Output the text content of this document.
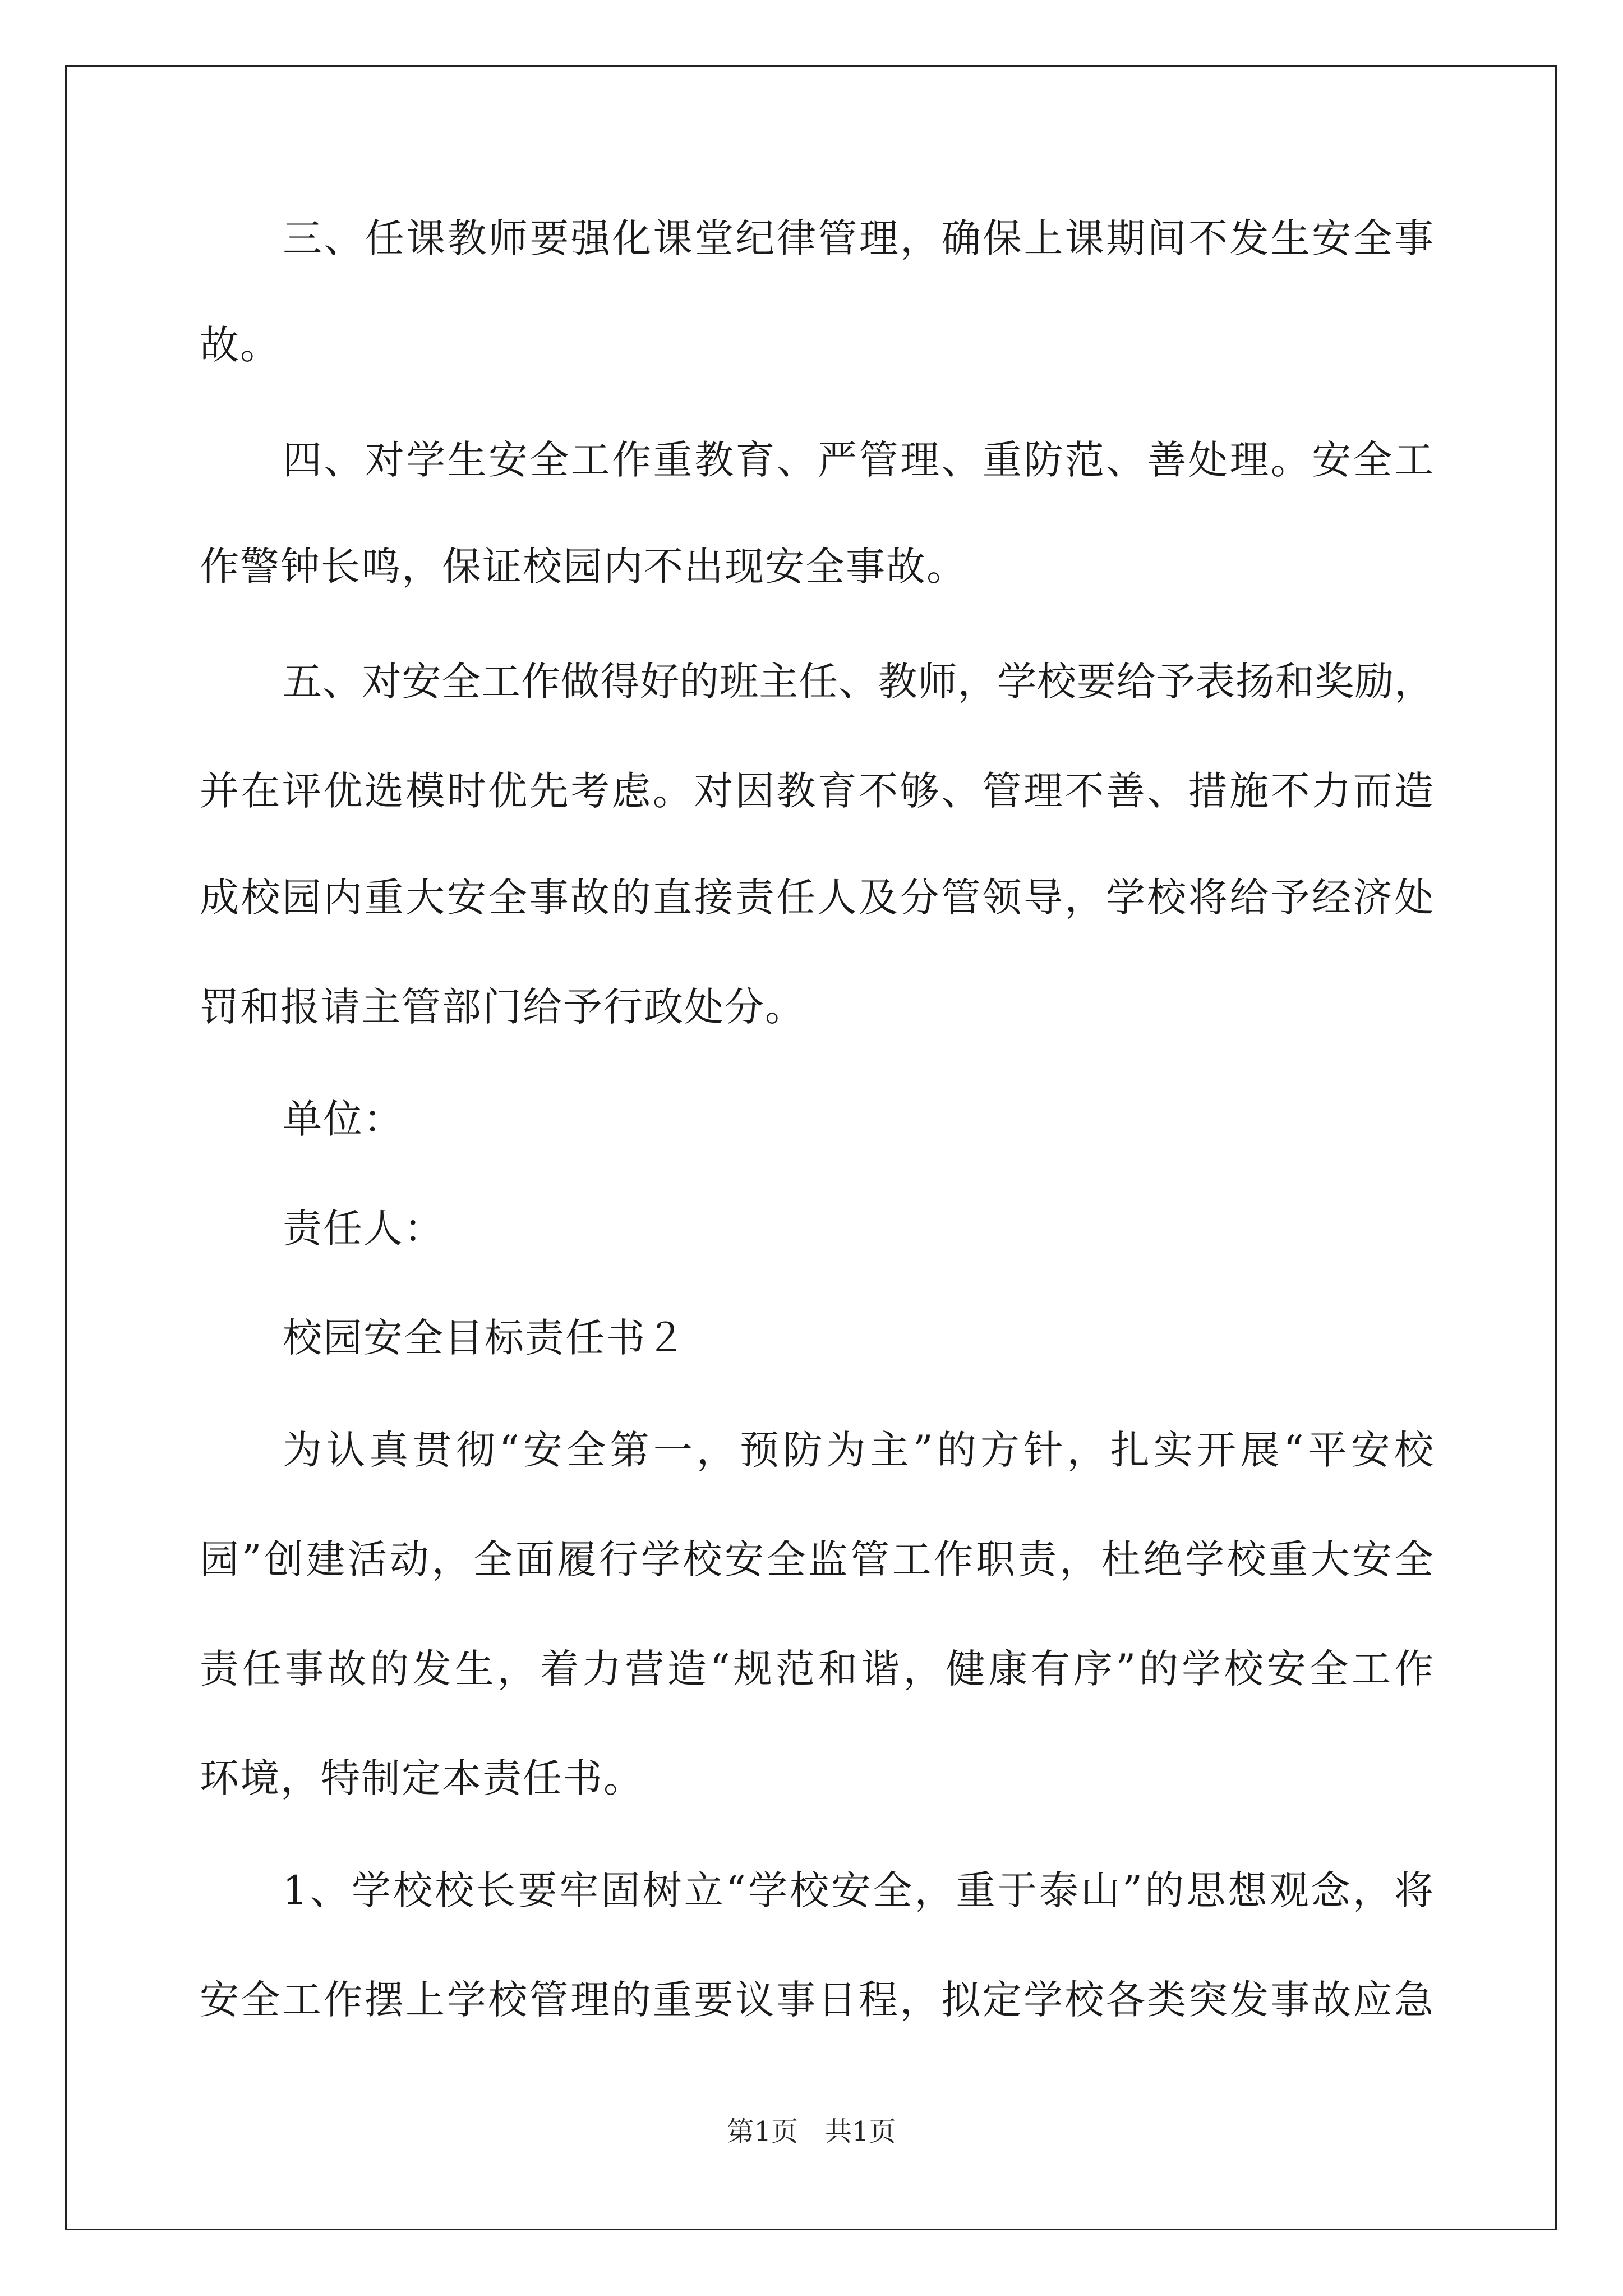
三、任课教师要强化课堂纪律管理，确保上课期间不发生安全事
故。
四、对学生安全工作重教育、严管理、重防范、善处理。安全工
作警钟长鸣，保证校园内不出现安全事故。
五、对安全工作做得好的班主任、教师，学校要给予表扬和奖励，
并在评优选模时优先考虑。对因教育不够、管理不善、措施不力而造
成校园内重大安全事故的直接责任人及分管领导，学校将给予经济处
罚和报请主管部门给予行政处分。
单位：
责任人：
校园安全目标责任书２
为认真贯彻“安全第一，预防为主”的方针，扎实开展“平安校
园”创建活动，全面履行学校安全监管工作职责，杜绝学校重大安全
责任事故的发生，着力营造“规范和谐，健康有序”的学校安全工作
环境，特制定本责任书。
1、学校校长要牢固树立“学校安全，重于泰山”的思想观念，将
安全工作摆上学校管理的重要议事日程，拟定学校各类突发事故应急
第1页　共1页
